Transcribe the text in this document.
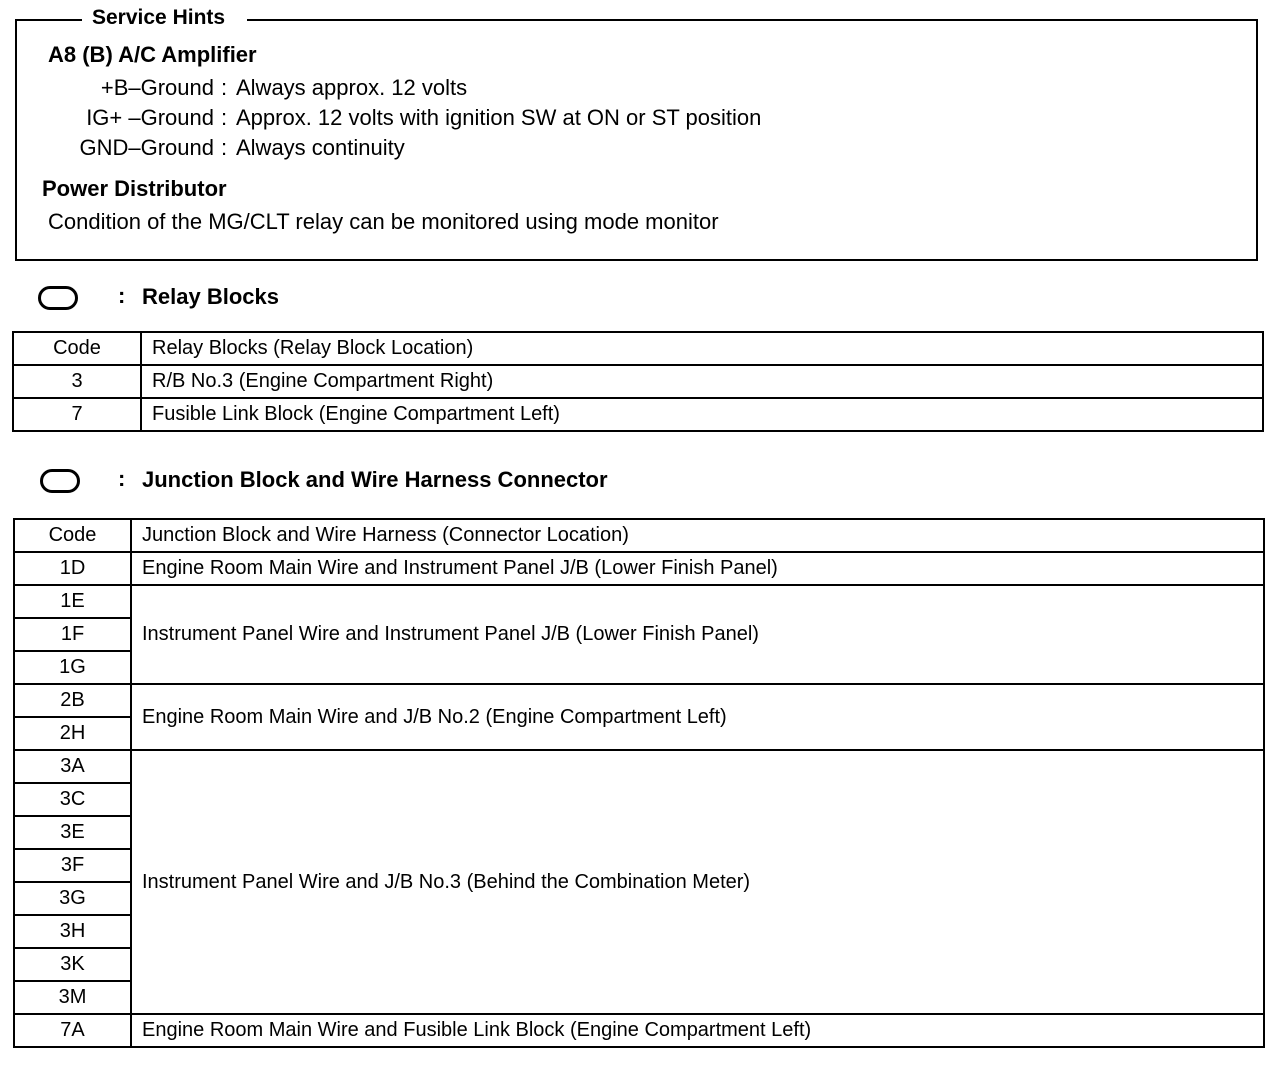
Service Hints
A8 (B) A/C Amplifier
+B–Ground : Always approx. 12 volts
IG+ –Ground : Approx. 12 volts with ignition SW at ON or ST position
GND–Ground : Always continuity
Power Distributor
Condition of the MG/CLT relay can be monitored using mode monitor
: Relay Blocks
Code	Relay Blocks (Relay Block Location)
3	R/B No.3 (Engine Compartment Right)
7	Fusible Link Block (Engine Compartment Left)
: Junction Block and Wire Harness Connector
Code	Junction Block and Wire Harness (Connector Location)
1D	Engine Room Main Wire and Instrument Panel J/B (Lower Finish Panel)
1E	Instrument Panel Wire and Instrument Panel J/B (Lower Finish Panel)
1F	
1G	
2B	Engine Room Main Wire and J/B No.2 (Engine Compartment Left)
2H	
3A	Instrument Panel Wire and J/B No.3 (Behind the Combination Meter)
3C	
3E	
3F	
3G	
3H	
3K	
3M	
7A	Engine Room Main Wire and Fusible Link Block (Engine Compartment Left)
